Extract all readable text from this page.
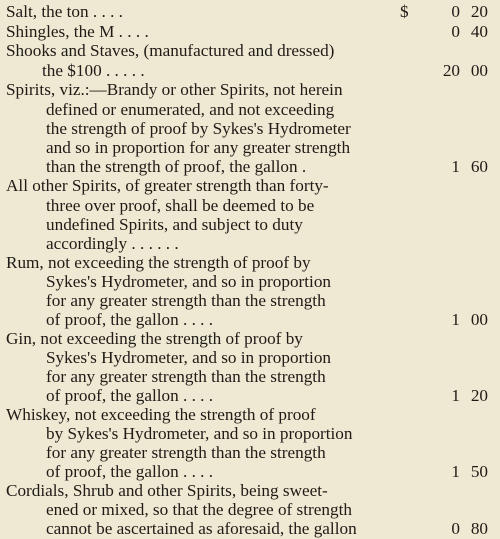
Salt, the ton . . . .	$ 0 20
Shingles, the M . . . .	0 40
Shooks and Staves, (manufactured and dressed)
the $100 . . . . .	20 00
Spirits, viz.:—Brandy or other Spirits, not herein
defined or enumerated, and not exceeding
the strength of proof by Sykes's Hydrometer
and so in proportion for any greater strength
than the strength of proof, the gallon .	1 60
All other Spirits, of greater strength than forty-
three over proof, shall be deemed to be
undefined Spirits, and subject to duty
accordingly . . . . . .
Rum, not exceeding the strength of proof by
Sykes's Hydrometer, and so in proportion
for any greater strength than the strength
of proof, the gallon . . . .	1 00
Gin, not exceeding the strength of proof by
Sykes's Hydrometer, and so in proportion
for any greater strength than the strength
of proof, the gallon . . . .	1 20
Whiskey, not exceeding the strength of proof
by Sykes's Hydrometer, and so in proportion
for any greater strength than the strength
of proof, the gallon . . . .	1 50
Cordials, Shrub and other Spirits, being sweet-
ened or mixed, so that the degree of strength
cannot be ascertained as aforesaid, the gallon	0 80
